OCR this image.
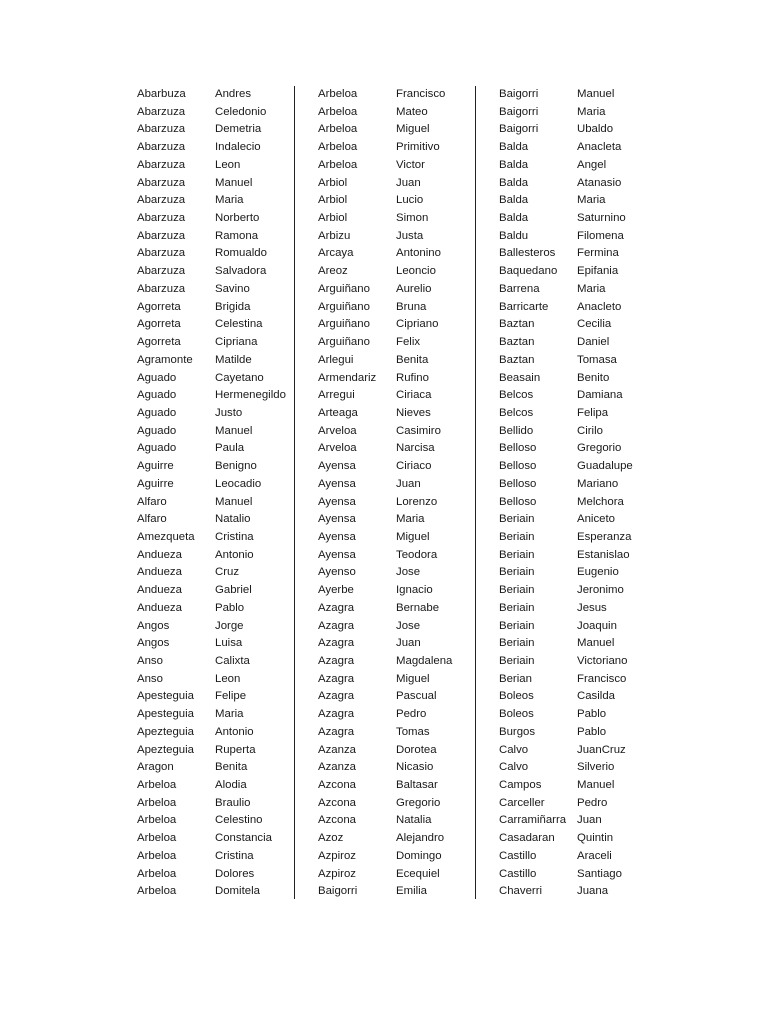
Abarbuza	Andres
Abarzuza	Celedonio
Abarzuza	Demetria
Abarzuza	Indalecio
Abarzuza	Leon
Abarzuza	Manuel
Abarzuza	Maria
Abarzuza	Norberto
Abarzuza	Ramona
Abarzuza	Romualdo
Abarzuza	Salvadora
Abarzuza	Savino
Agorreta	Brigida
Agorreta	Celestina
Agorreta	Cipriana
Agramonte Matilde
Aguado	Cayetano
Aguado	Hermenegildo
Aguado	Justo
Aguado	Manuel
Aguado	Paula
Aguirre	Benigno
Aguirre	Leocadio
Alfaro	Manuel
Alfaro	Natalio
Amezqueta Cristina
Andueza	Antonio
Andueza	Cruz
Andueza	Gabriel
Andueza	Pablo
Angos	Jorge
Angos	Luisa
Anso	Calixta
Anso	Leon
Apesteguia Felipe
Apesteguia Maria
Apezteguia Antonio
Apezteguia Ruperta
Aragon	Benita
Arbeloa	Alodia
Arbeloa	Braulio
Arbeloa	Celestino
Arbeloa	Constancia
Arbeloa	Cristina
Arbeloa	Dolores
Arbeloa	Domitela
Arbeloa	Francisco
Arbeloa	Mateo
Arbeloa	Miguel
Arbeloa	Primitivo
Arbeloa	Victor
Arbiol	Juan
Arbiol	Lucio
Arbiol	Simon
Arbizu	Justa
Arcaya	Antonino
Areoz	Leoncio
Arguiñano Aurelio
Arguiñano Bruna
Arguiñano Cipriano
Arguiñano Felix
Arlegui	Benita
Armendariz Rufino
Arregui	Ciriaca
Arteaga	Nieves
Arveloa	Casimiro
Arveloa	Narcisa
Ayensa	Ciriaco
Ayensa	Juan
Ayensa	Lorenzo
Ayensa	Maria
Ayensa	Miguel
Ayensa	Teodora
Ayenso	Jose
Ayerbe	Ignacio
Azagra	Bernabe
Azagra	Jose
Azagra	Juan
Azagra	Magdalena
Azagra	Miguel
Azagra	Pascual
Azagra	Pedro
Azagra	Tomas
Azanza	Dorotea
Azanza	Nicasio
Azcona	Baltasar
Azcona	Gregorio
Azcona	Natalia
Azoz	Alejandro
Azpiroz	Domingo
Azpiroz	Ecequiel
Baigorri	Emilia
Baigorri	Manuel
Baigorri	Maria
Baigorri	Ubaldo
Balda	Anacleta
Balda	Angel
Balda	Atanasio
Balda	Maria
Balda	Saturnino
Baldu	Filomena
Ballesteros Fermina
Baquedano Epifania
Barrena	Maria
Barricarte	Anacleto
Baztan	Cecilia
Baztan	Daniel
Baztan	Tomasa
Beasain	Benito
Belcos	Damiana
Belcos	Felipa
Bellido	Cirilo
Belloso	Gregorio
Belloso	Guadalupe
Belloso	Mariano
Belloso	Melchora
Beriain	Aniceto
Beriain	Esperanza
Beriain	Estanislao
Beriain	Eugenio
Beriain	Jeronimo
Beriain	Jesus
Beriain	Joaquin
Beriain	Manuel
Beriain	Victoriano
Berian	Francisco
Boleos	Casilda
Boleos	Pablo
Burgos	Pablo
Calvo	JuanCruz
Calvo	Silverio
Campos	Manuel
Carceller	Pedro
Carramiñarra Juan
Casadaran Quintin
Castillo	Araceli
Castillo	Santiago
Chaverri	Juana
